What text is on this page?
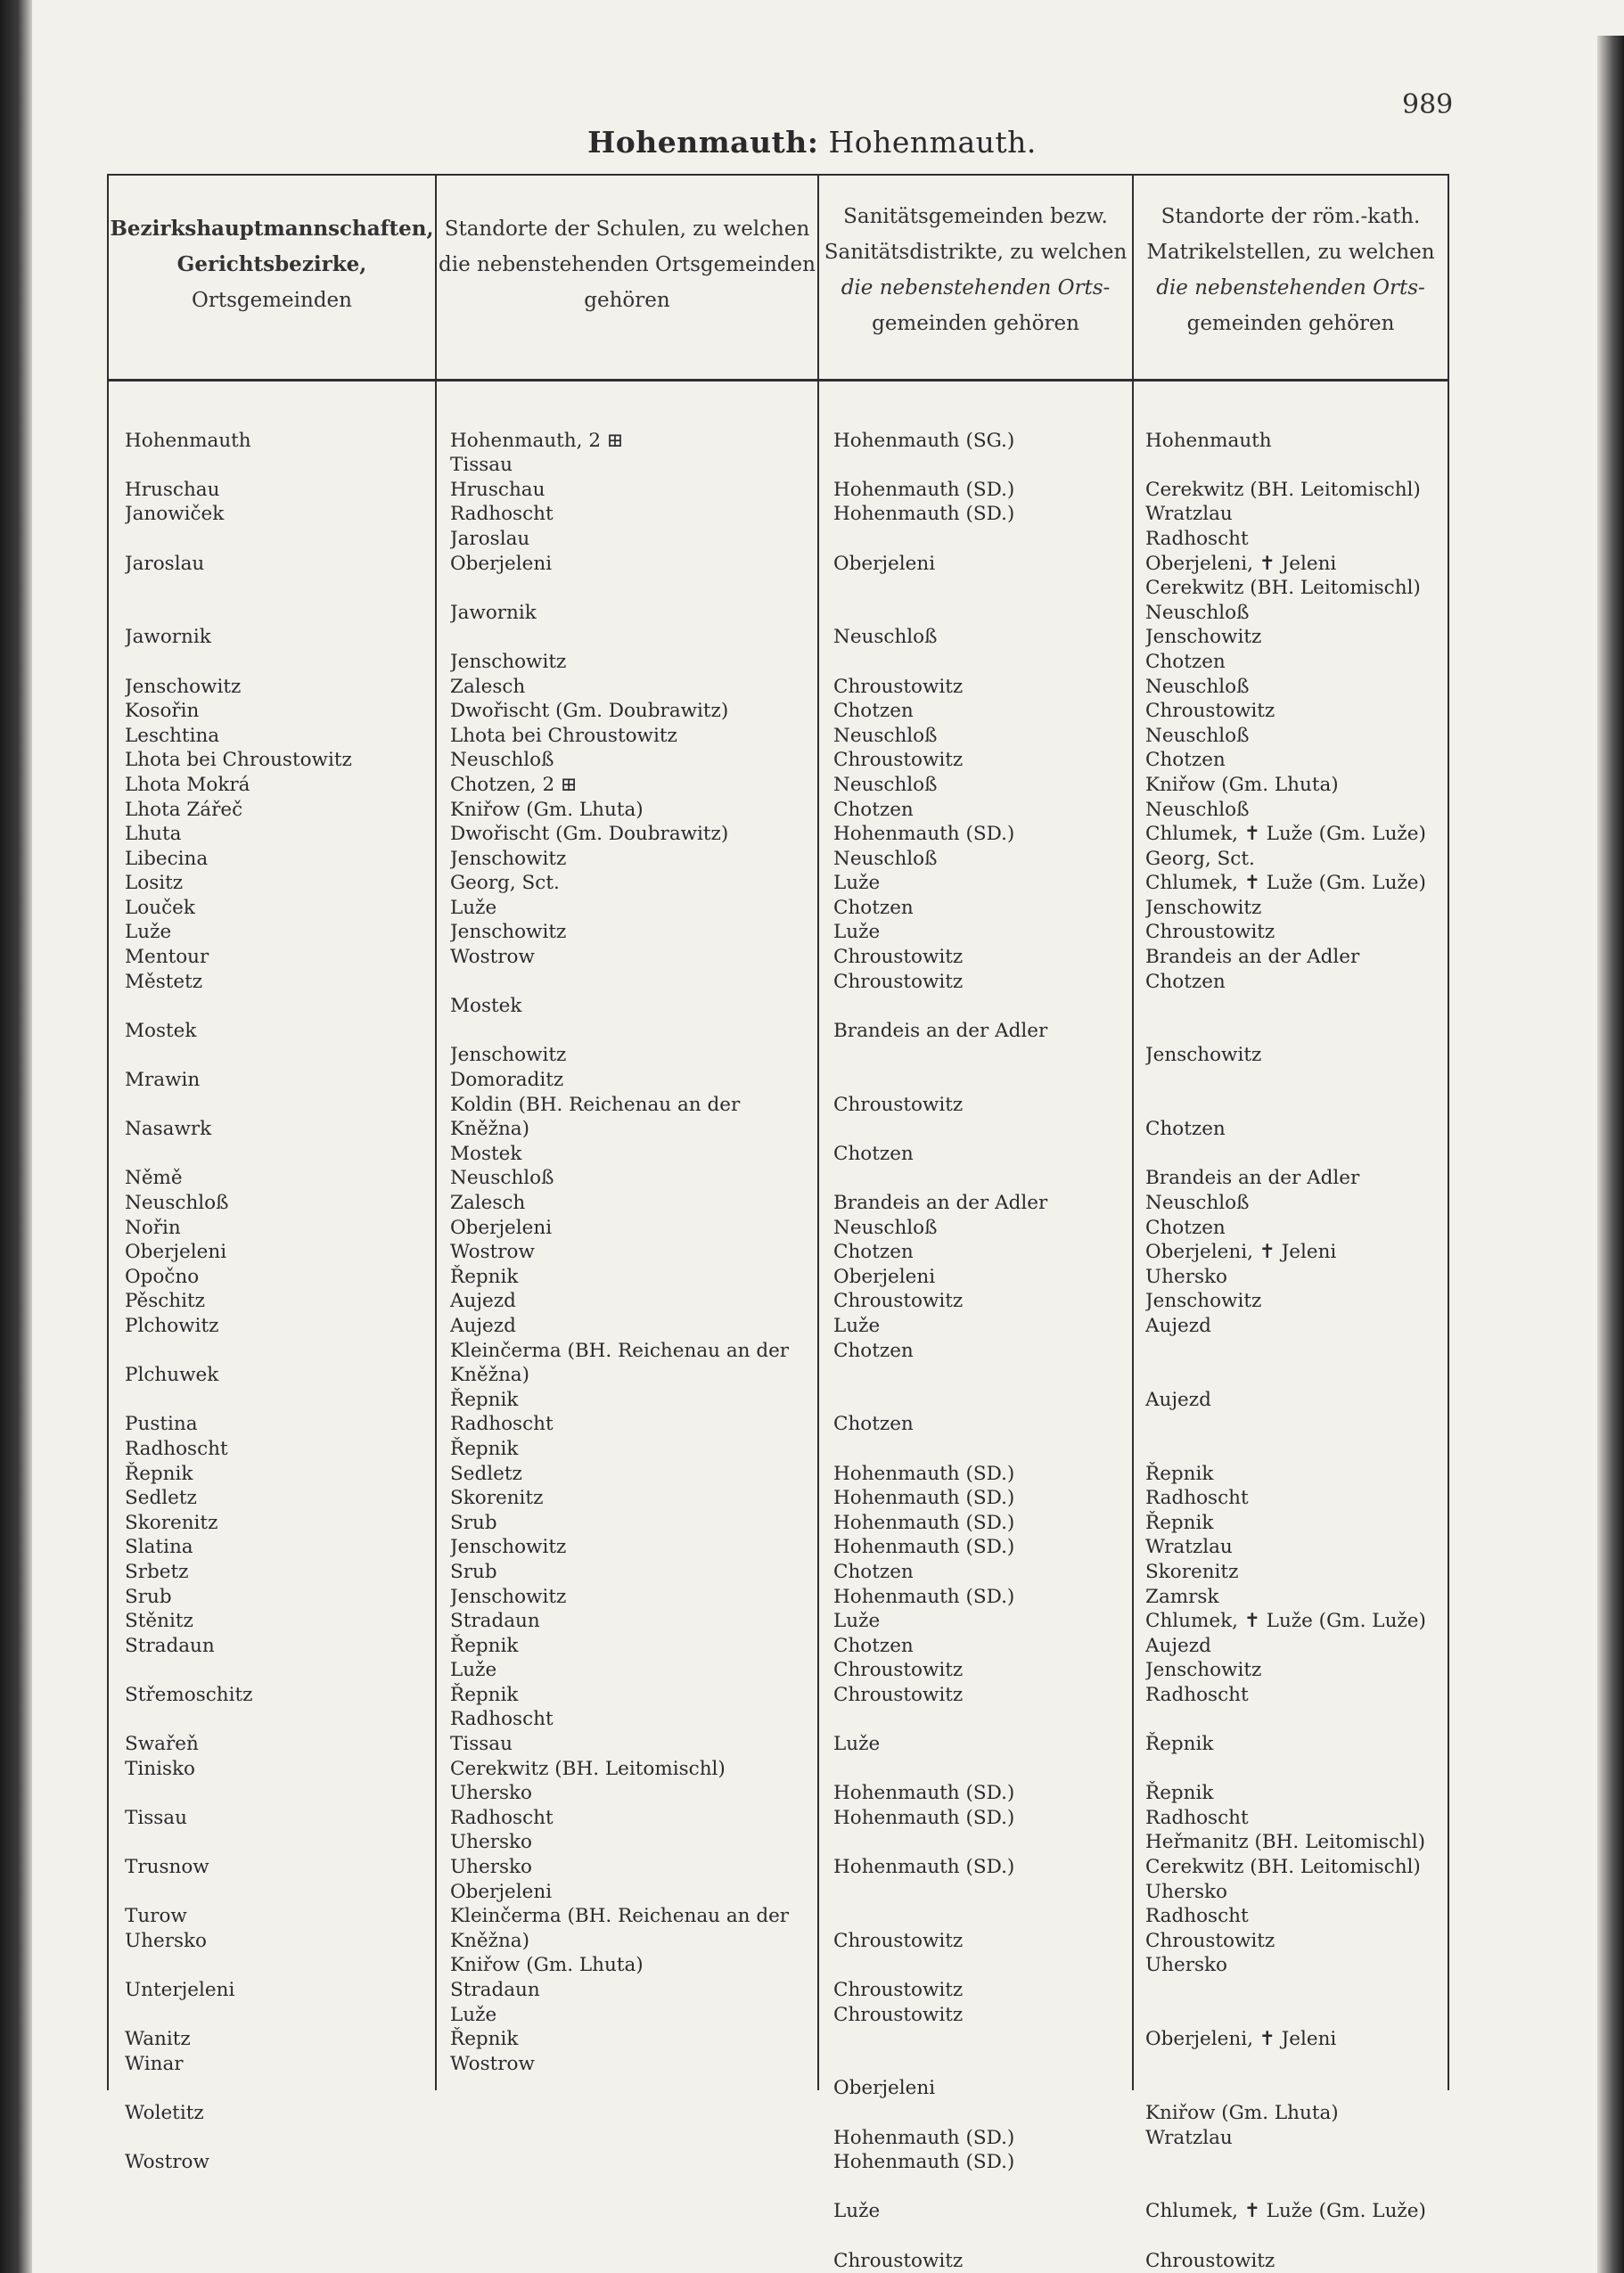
989
Hohenmauth: Hohenmauth.
Bezirkshauptmannschaften,
Gerichtsbezirke,
Ortsgemeinden
Standorte der Schulen, zu welchen
die nebenstehenden Ortsgemeinden
gehören
Sanitätsgemeinden bezw.
Sanitätsdistrikte, zu welchen
die nebenstehenden Orts-
gemeinden gehören
Standorte der röm.-kath.
Matrikelstellen, zu welchen
die nebenstehenden Orts-
gemeinden gehören
Hohenmauth
Hruschau
Janowiček
Jaroslau
Jawornik
Jenschowitz
Kosořin
Leschtina
Lhota bei Chroustowitz
Lhota Mokrá
Lhota Zářeč
Lhuta
Libecina
Lositz
Louček
Luže
Mentour
Městetz
Mostek
Mrawin
Nasawrk
Němě
Neuschloß
Nořin
Oberjeleni
Opočno
Pěschitz
Plchowitz
Plchuwek
Pustina
Radhoscht
Řepnik
Sedletz
Skorenitz
Slatina
Srbetz
Srub
Stěnitz
Stradaun
Střemoschitz
Swařeň
Tinisko
Tissau
Trusnow
Turow
Uhersko
Unterjeleni
Wanitz
Winar
Woletitz
Wostrow
Hohenmauth, 2 ⊞
Tissau
Hruschau
Radhoscht
Jaroslau
Oberjeleni
Jawornik
Jenschowitz
Zalesch
Dwořischt (Gm. Doubrawitz)
Lhota bei Chroustowitz
Neuschloß
Chotzen, 2 ⊞
Kniřow (Gm. Lhuta)
Dwořischt (Gm. Doubrawitz)
Jenschowitz
Georg, Sct.
Luže
Jenschowitz
Wostrow
Mostek
Jenschowitz
Domoraditz
Koldin (BH. Reichenau an der
Kněžna)
Mostek
Neuschloß
Zalesch
Oberjeleni
Wostrow
Řepnik
Aujezd
Aujezd
Kleinčerma (BH. Reichenau an der
Kněžna)
Řepnik
Radhoscht
Řepnik
Sedletz
Skorenitz
Srub
Jenschowitz
Srub
Jenschowitz
Stradaun
Řepnik
Luže
Řepnik
Radhoscht
Tissau
Cerekwitz (BH. Leitomischl)
Uhersko
Radhoscht
Uhersko
Uhersko
Oberjeleni
Kleinčerma (BH. Reichenau an der
Kněžna)
Kniřow (Gm. Lhuta)
Stradaun
Luže
Řepnik
Wostrow
Hohenmauth (SG.)
Hohenmauth (SD.)
Hohenmauth (SD.)
Oberjeleni
Neuschloß
Chroustowitz
Chotzen
Neuschloß
Chroustowitz
Neuschloß
Chotzen
Hohenmauth (SD.)
Neuschloß
Luže
Chotzen
Luže
Chroustowitz
Chroustowitz
Brandeis an der Adler
Chroustowitz
Chotzen
Brandeis an der Adler
Neuschloß
Chotzen
Oberjeleni
Chroustowitz
Luže
Chotzen
Chotzen
Hohenmauth (SD.)
Hohenmauth (SD.)
Hohenmauth (SD.)
Hohenmauth (SD.)
Chotzen
Hohenmauth (SD.)
Luže
Chotzen
Chroustowitz
Chroustowitz
Luže
Hohenmauth (SD.)
Hohenmauth (SD.)
Hohenmauth (SD.)
Chroustowitz
Chroustowitz
Chroustowitz
Oberjeleni
Hohenmauth (SD.)
Hohenmauth (SD.)
Luže
Chroustowitz
Hohenmauth
Cerekwitz (BH. Leitomischl)
Wratzlau
Radhoscht
Oberjeleni, ✝ Jeleni
Cerekwitz (BH. Leitomischl)
Neuschloß
Jenschowitz
Chotzen
Neuschloß
Chroustowitz
Neuschloß
Chotzen
Kniřow (Gm. Lhuta)
Neuschloß
Chlumek, ✝ Luže (Gm. Luže)
Georg, Sct.
Chlumek, ✝ Luže (Gm. Luže)
Jenschowitz
Chroustowitz
Brandeis an der Adler
Chotzen
Jenschowitz
Chotzen
Brandeis an der Adler
Neuschloß
Chotzen
Oberjeleni, ✝ Jeleni
Uhersko
Jenschowitz
Aujezd
Aujezd
Řepnik
Radhoscht
Řepnik
Wratzlau
Skorenitz
Zamrsk
Chlumek, ✝ Luže (Gm. Luže)
Aujezd
Jenschowitz
Radhoscht
Řepnik
Řepnik
Radhoscht
Heřmanitz (BH. Leitomischl)
Cerekwitz (BH. Leitomischl)
Uhersko
Radhoscht
Chroustowitz
Uhersko
Oberjeleni, ✝ Jeleni
Kniřow (Gm. Lhuta)
Wratzlau
Chlumek, ✝ Luže (Gm. Luže)
Chroustowitz
